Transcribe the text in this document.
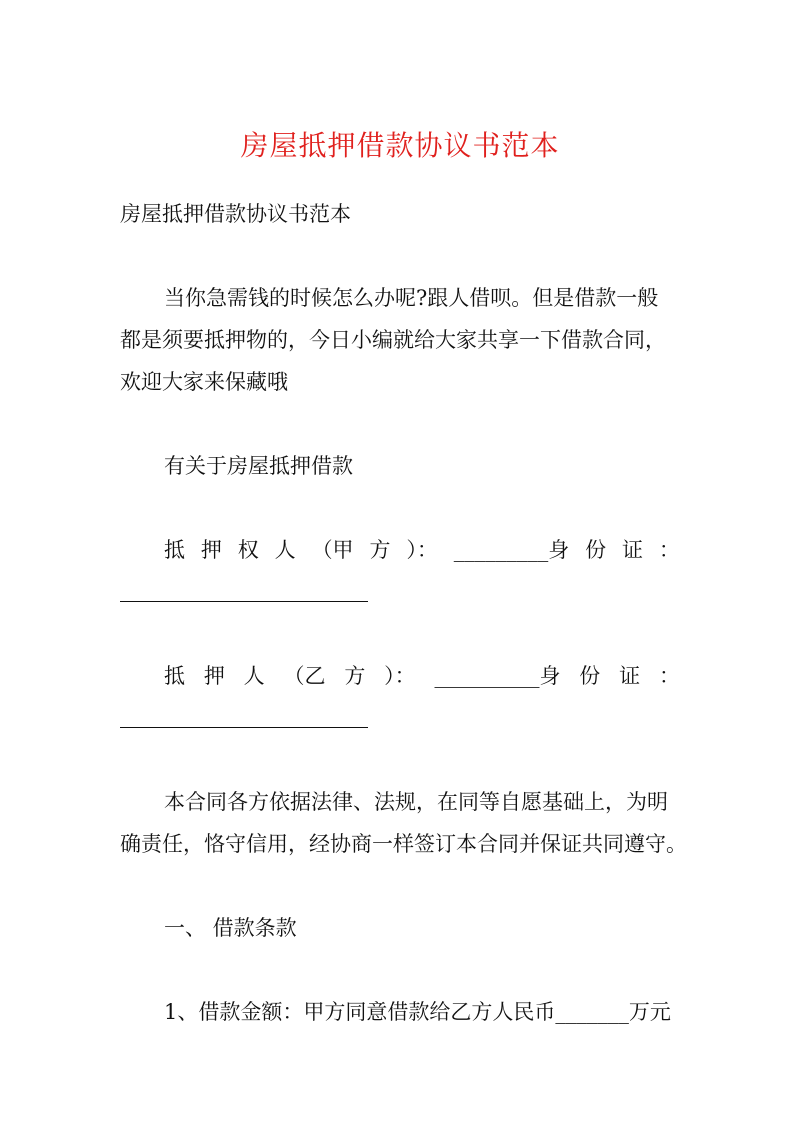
房屋抵押借款协议书范本
房屋抵押借款协议书范本
当你急需钱的时候怎么办呢?跟人借呗。但是借款一般
都是须要抵押物的，今日小编就给大家共享一下借款合同，
欢迎大家来保藏哦
有关于房屋抵押借款
抵 押 权 人 （甲 方 ）： _________身 份 证 ：
抵 押 人 （乙 方 ）： __________身 份 证 ：
本合同各方依据法律、法规，在同等自愿基础上，为明
确责任，恪守信用，经协商一样签订本合同并保证共同遵守。
一、 借款条款
1、借款金额：甲方同意借款给乙方人民币_______万元
